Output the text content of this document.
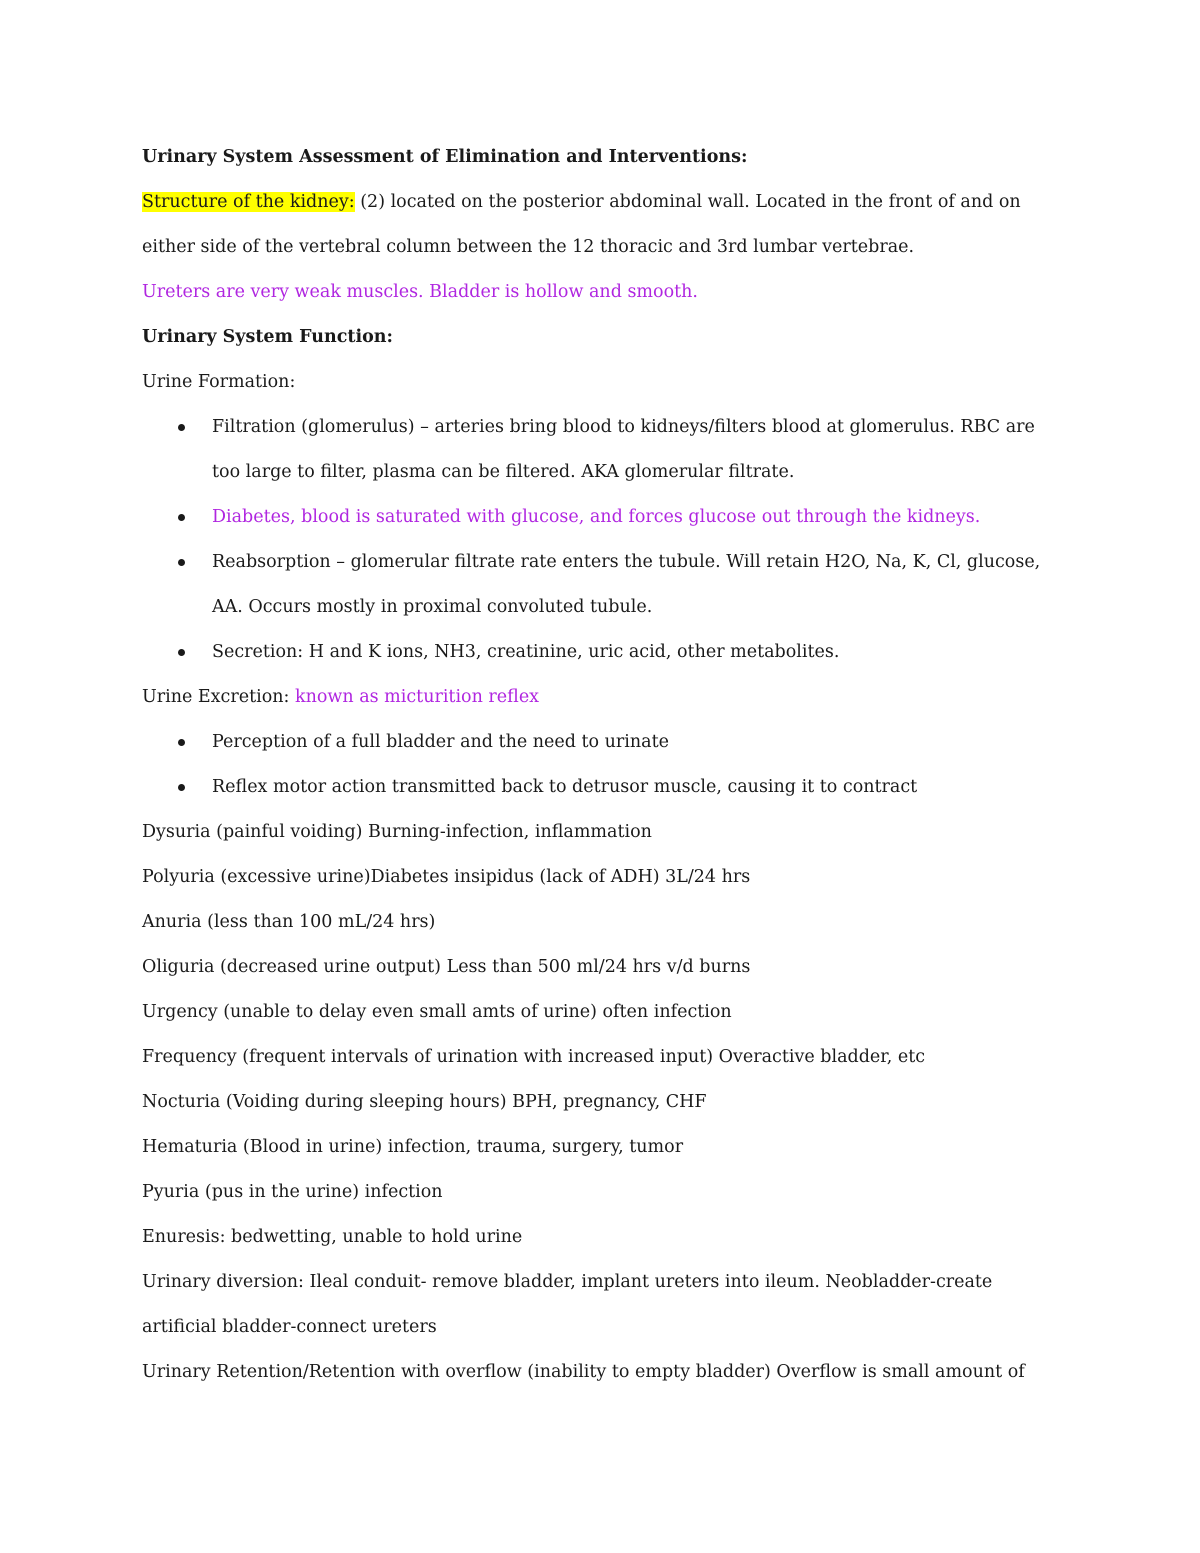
Urinary System Assessment of Elimination and Interventions:

Structure of the kidney: (2) located on the posterior abdominal wall. Located in the front of and on either side of the vertebral column between the 12 thoracic and 3rd lumbar vertebrae.

Ureters are very weak muscles. Bladder is hollow and smooth.

Urinary System Function:

Urine Formation:

Filtration (glomerulus) – arteries bring blood to kidneys/filters blood at glomerulus. RBC are too large to filter, plasma can be filtered. AKA glomerular filtrate.
Diabetes, blood is saturated with glucose, and forces glucose out through the kidneys.
Reabsorption – glomerular filtrate rate enters the tubule. Will retain H2O, Na, K, Cl, glucose, AA. Occurs mostly in proximal convoluted tubule.
Secretion: H and K ions, NH3, creatinine, uric acid, other metabolites.

Urine Excretion: known as micturition reflex

Perception of a full bladder and the need to urinate
Reflex motor action transmitted back to detrusor muscle, causing it to contract

Dysuria (painful voiding) Burning-infection, inflammation

Polyuria (excessive urine)Diabetes insipidus (lack of ADH) 3L/24 hrs

Anuria (less than 100 mL/24 hrs)

Oliguria (decreased urine output) Less than 500 ml/24 hrs v/d burns

Urgency (unable to delay even small amts of urine) often infection

Frequency (frequent intervals of urination with increased input) Overactive bladder, etc

Nocturia (Voiding during sleeping hours) BPH, pregnancy, CHF

Hematuria (Blood in urine) infection, trauma, surgery, tumor

Pyuria (pus in the urine) infection

Enuresis: bedwetting, unable to hold urine

Urinary diversion: Ileal conduit- remove bladder, implant ureters into ileum. Neobladder-create artificial bladder-connect ureters

Urinary Retention/Retention with overflow (inability to empty bladder) Overflow is small amount of
